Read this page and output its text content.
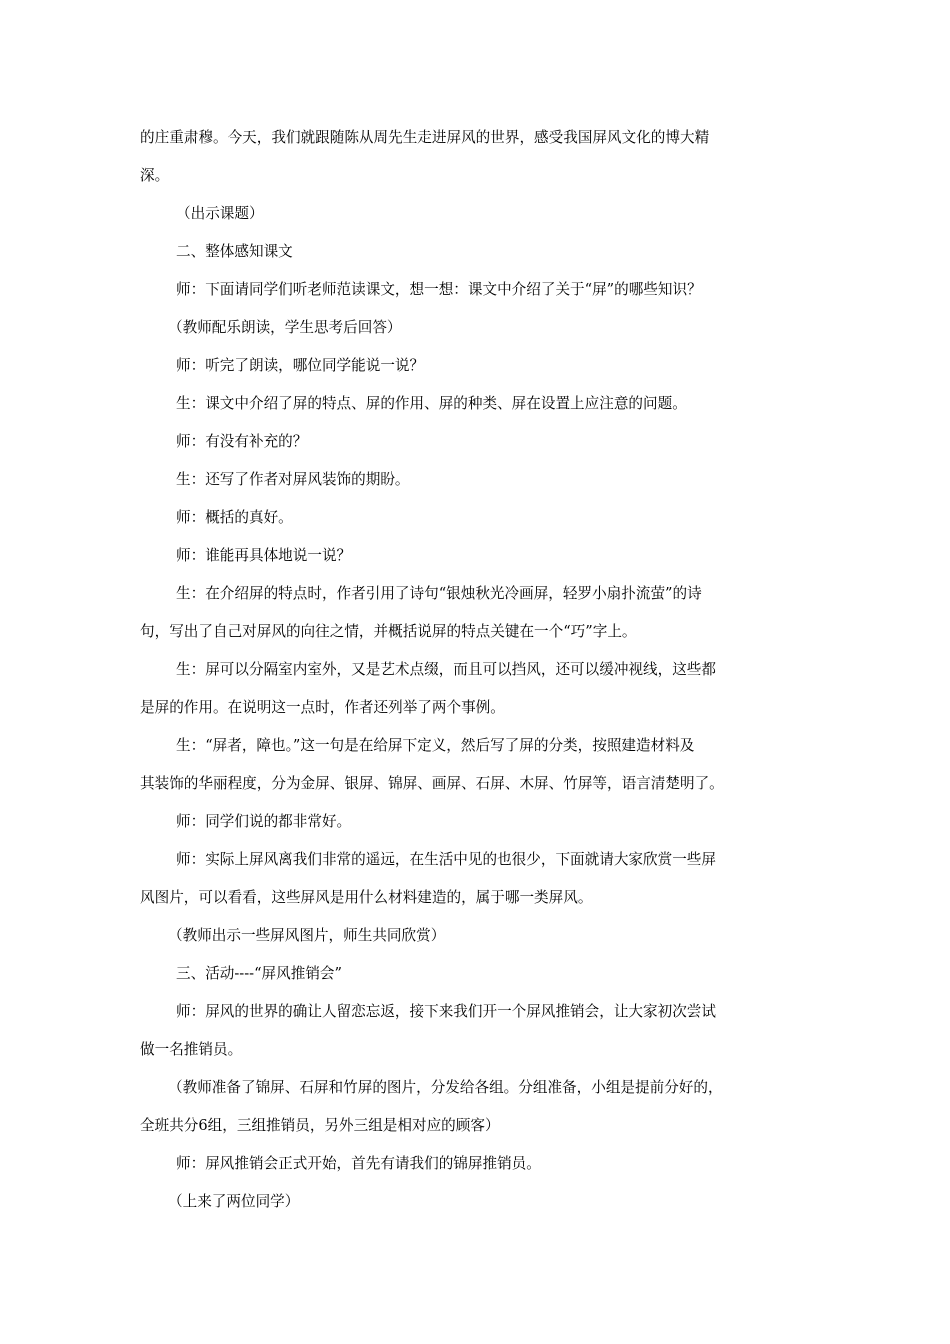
的庄重肃穆。今天，我们就跟随陈从周先生走进屏风的世界，感受我国屏风文化的博大精
深。
（出示课题）
二、整体感知课文
师：下面请同学们听老师范读课文，想一想：课文中介绍了关于“屏”的哪些知识？
（教师配乐朗读，学生思考后回答）
师：听完了朗读，哪位同学能说一说？
生：课文中介绍了屏的特点、屏的作用、屏的种类、屏在设置上应注意的问题。
师：有没有补充的？
生：还写了作者对屏风装饰的期盼。
师：概括的真好。
师：谁能再具体地说一说？
生：在介绍屏的特点时，作者引用了诗句“银烛秋光冷画屏，轻罗小扇扑流萤”的诗
句，写出了自己对屏风的向往之情，并概括说屏的特点关键在一个“巧”字上。
生：屏可以分隔室内室外，又是艺术点缀，而且可以挡风，还可以缓冲视线，这些都
是屏的作用。在说明这一点时，作者还列举了两个事例。
生：“屏者，障也。”这一句是在给屏下定义，然后写了屏的分类，按照建造材料及
其装饰的华丽程度，分为金屏、银屏、锦屏、画屏、石屏、木屏、竹屏等，语言清楚明了。
师：同学们说的都非常好。
师：实际上屏风离我们非常的遥远，在生活中见的也很少，下面就请大家欣赏一些屏
风图片，可以看看，这些屏风是用什么材料建造的，属于哪一类屏风。
（教师出示一些屏风图片，师生共同欣赏）
三、活动----“屏风推销会”
师：屏风的世界的确让人留恋忘返，接下来我们开一个屏风推销会，让大家初次尝试
做一名推销员。
（教师准备了锦屏、石屏和竹屏的图片，分发给各组。分组准备，小组是提前分好的，
全班共分6组，三组推销员，另外三组是相对应的顾客）
师：屏风推销会正式开始，首先有请我们的锦屏推销员。
（上来了两位同学）
